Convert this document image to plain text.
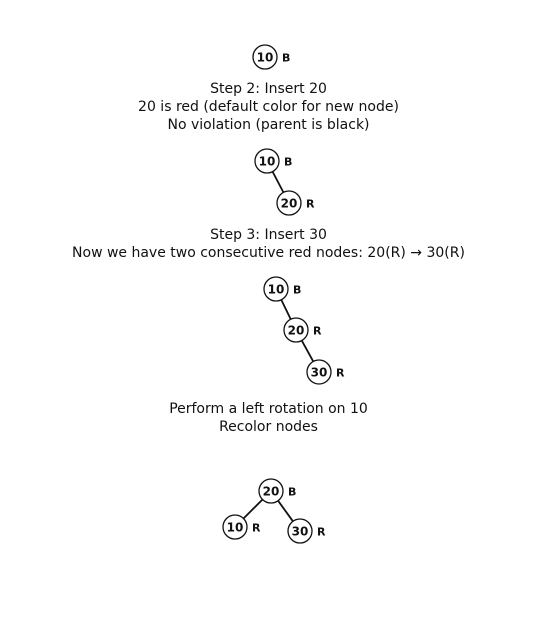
Step 2: Insert 20
20 is red (default color for new node)
No violation (parent is black)
Step 3: Insert 30
Now we have two consecutive red nodes: 20(R) → 30(R)
Perform a left rotation on 10
Recolor nodes
10 B
10 B
20 R
10 B
20 R
30 R
20 B
10 R	30 R
